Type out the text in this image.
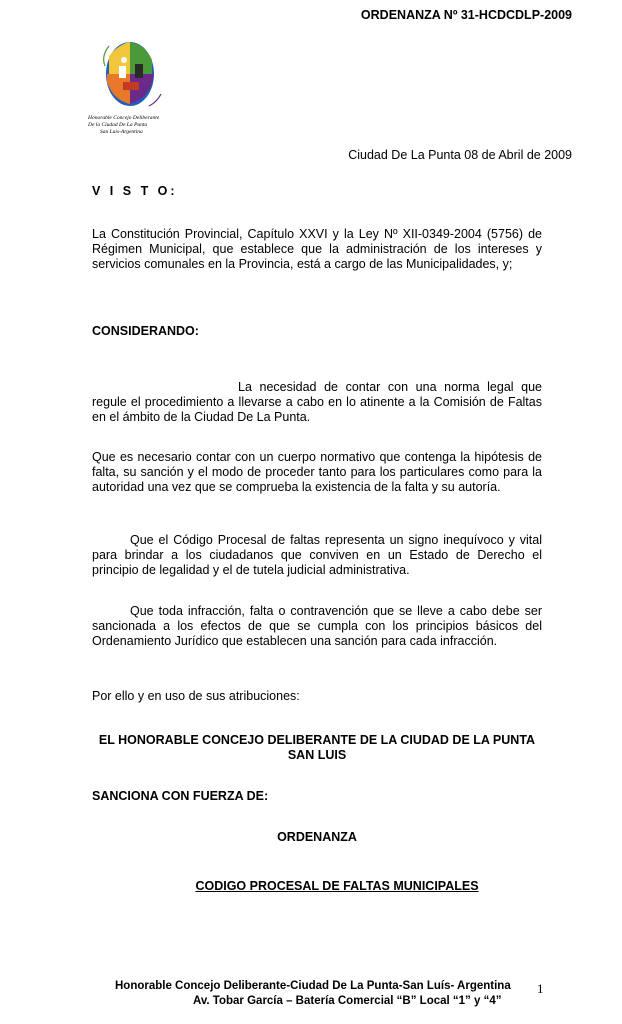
ORDENANZA Nº 31-HCDCDLP-2009
Honorable Concejo Deliberante
De la Ciudad De La Punta
San Luis-Argentina
Ciudad De La Punta 08 de Abril de 2009
V I S T O:
La Constitución Provincial, Capítulo XXVI y la Ley Nº XII-0349-2004 (5756) de Régimen Municipal, que establece que la administración de los intereses y servicios comunales en la Provincia, está a cargo de las Municipalidades, y;
CONSIDERANDO:
La necesidad de contar con una norma legal que regule el procedimiento a llevarse a cabo en lo atinente a la Comisión de Faltas en el ámbito de la Ciudad De La Punta.
Que es necesario contar con un cuerpo normativo que contenga la hipótesis de falta, su sanción y el modo de proceder tanto para los particulares como para la autoridad una vez que se comprueba la existencia de la falta y su autoría.
Que el Código Procesal de faltas representa un signo inequívoco y vital para brindar a los ciudadanos que conviven en un Estado de Derecho el principio de legalidad y el de tutela judicial administrativa.
Que toda infracción, falta o contravención que se lleve a cabo debe ser sancionada a los efectos de que se cumpla con los principios básicos del Ordenamiento Jurídico que establecen una sanción para cada infracción.
Por ello y en uso de sus atribuciones:
EL HONORABLE CONCEJO DELIBERANTE DE LA CIUDAD DE LA PUNTA
SAN LUIS
SANCIONA CON FUERZA DE:
ORDENANZA
CODIGO PROCESAL DE FALTAS MUNICIPALES
Honorable Concejo Deliberante-Ciudad De La Punta-San Luís- Argentina
Av. Tobar García – Batería Comercial “B” Local “1” y “4”
1
